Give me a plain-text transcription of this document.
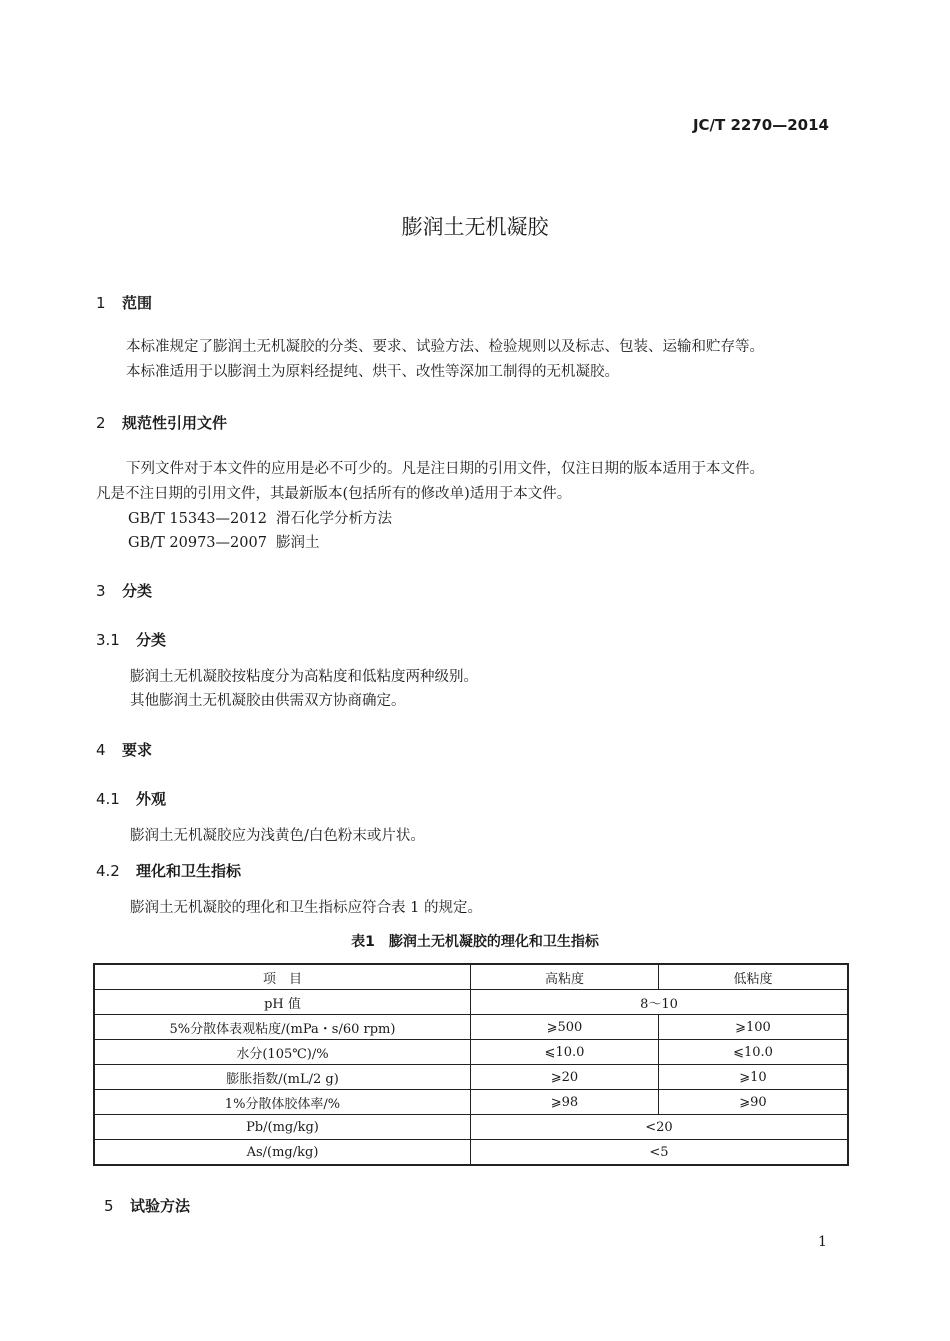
JC/T 2270—2014
膨润土无机凝胶
1 范围
本标准规定了膨润土无机凝胶的分类、要求、试验方法、检验规则以及标志、包装、运输和贮存等。
本标准适用于以膨润土为原料经提纯、烘干、改性等深加工制得的无机凝胶。
2 规范性引用文件
下列文件对于本文件的应用是必不可少的。凡是注日期的引用文件，仅注日期的版本适用于本文件。
凡是不注日期的引用文件，其最新版本(包括所有的修改单)适用于本文件。
GB/T 15343—2012 滑石化学分析方法
GB/T 20973—2007 膨润土
3 分类
3.1 分类
膨润土无机凝胶按粘度分为高粘度和低粘度两种级别。
其他膨润土无机凝胶由供需双方协商确定。
4 要求
4.1 外观
膨润土无机凝胶应为浅黄色/白色粉末或片状。
4.2 理化和卫生指标
膨润土无机凝胶的理化和卫生指标应符合表 1 的规定。
表1　膨润土无机凝胶的理化和卫生指标
项　目	高粘度	低粘度
pH 值	8～10	
5%分散体表观粘度/(mPa・s/60 rpm)	⩾500	⩾100
水分(105℃)/%	⩽10.0	⩽10.0
膨胀指数/(mL/2 g)	⩾20	⩾10
1%分散体胶体率/%	⩾98	⩾90
Pb/(mg/kg)	<20	
As/(mg/kg)	<5	
5 试验方法
1
